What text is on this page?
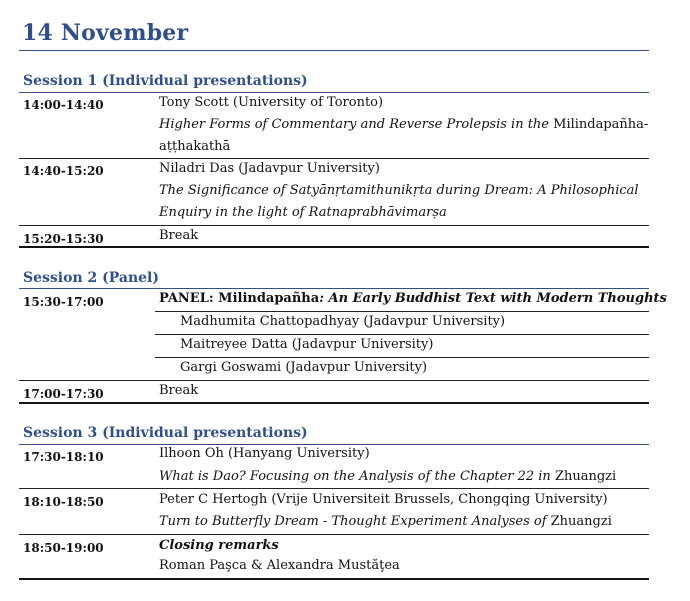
14 November
Session 1 (Individual presentations)
14:00-14:40	Tony Scott (University of Toronto)
Higher Forms of Commentary and Reverse Prolepsis in the Milindapañha-
aṭṭhakathā
14:40-15:20	Niladri Das (Jadavpur University)
The Significance of Satyānṛtamithunikṛta during Dream: A Philosophical
Enquiry in the light of Ratnaprabhāvimarṣa
15:20-15:30	Break
Session 2 (Panel)
15:30-17:00	PANEL: Milindapañha: An Early Buddhist Text with Modern Thoughts
Madhumita Chattopadhyay (Jadavpur University)
Maitreyee Datta (Jadavpur University)
Gargi Goswami (Jadavpur University)
17:00-17:30	Break
Session 3 (Individual presentations)
17:30-18:10	Ilhoon Oh (Hanyang University)
What is Dao? Focusing on the Analysis of the Chapter 22 in Zhuangzi
18:10-18:50	Peter C Hertogh (Vrije Universiteit Brussels, Chongqing University)
Turn to Butterfly Dream - Thought Experiment Analyses of Zhuangzi
18:50-19:00	Closing remarks
Roman Paşca & Alexandra Mustăţea
